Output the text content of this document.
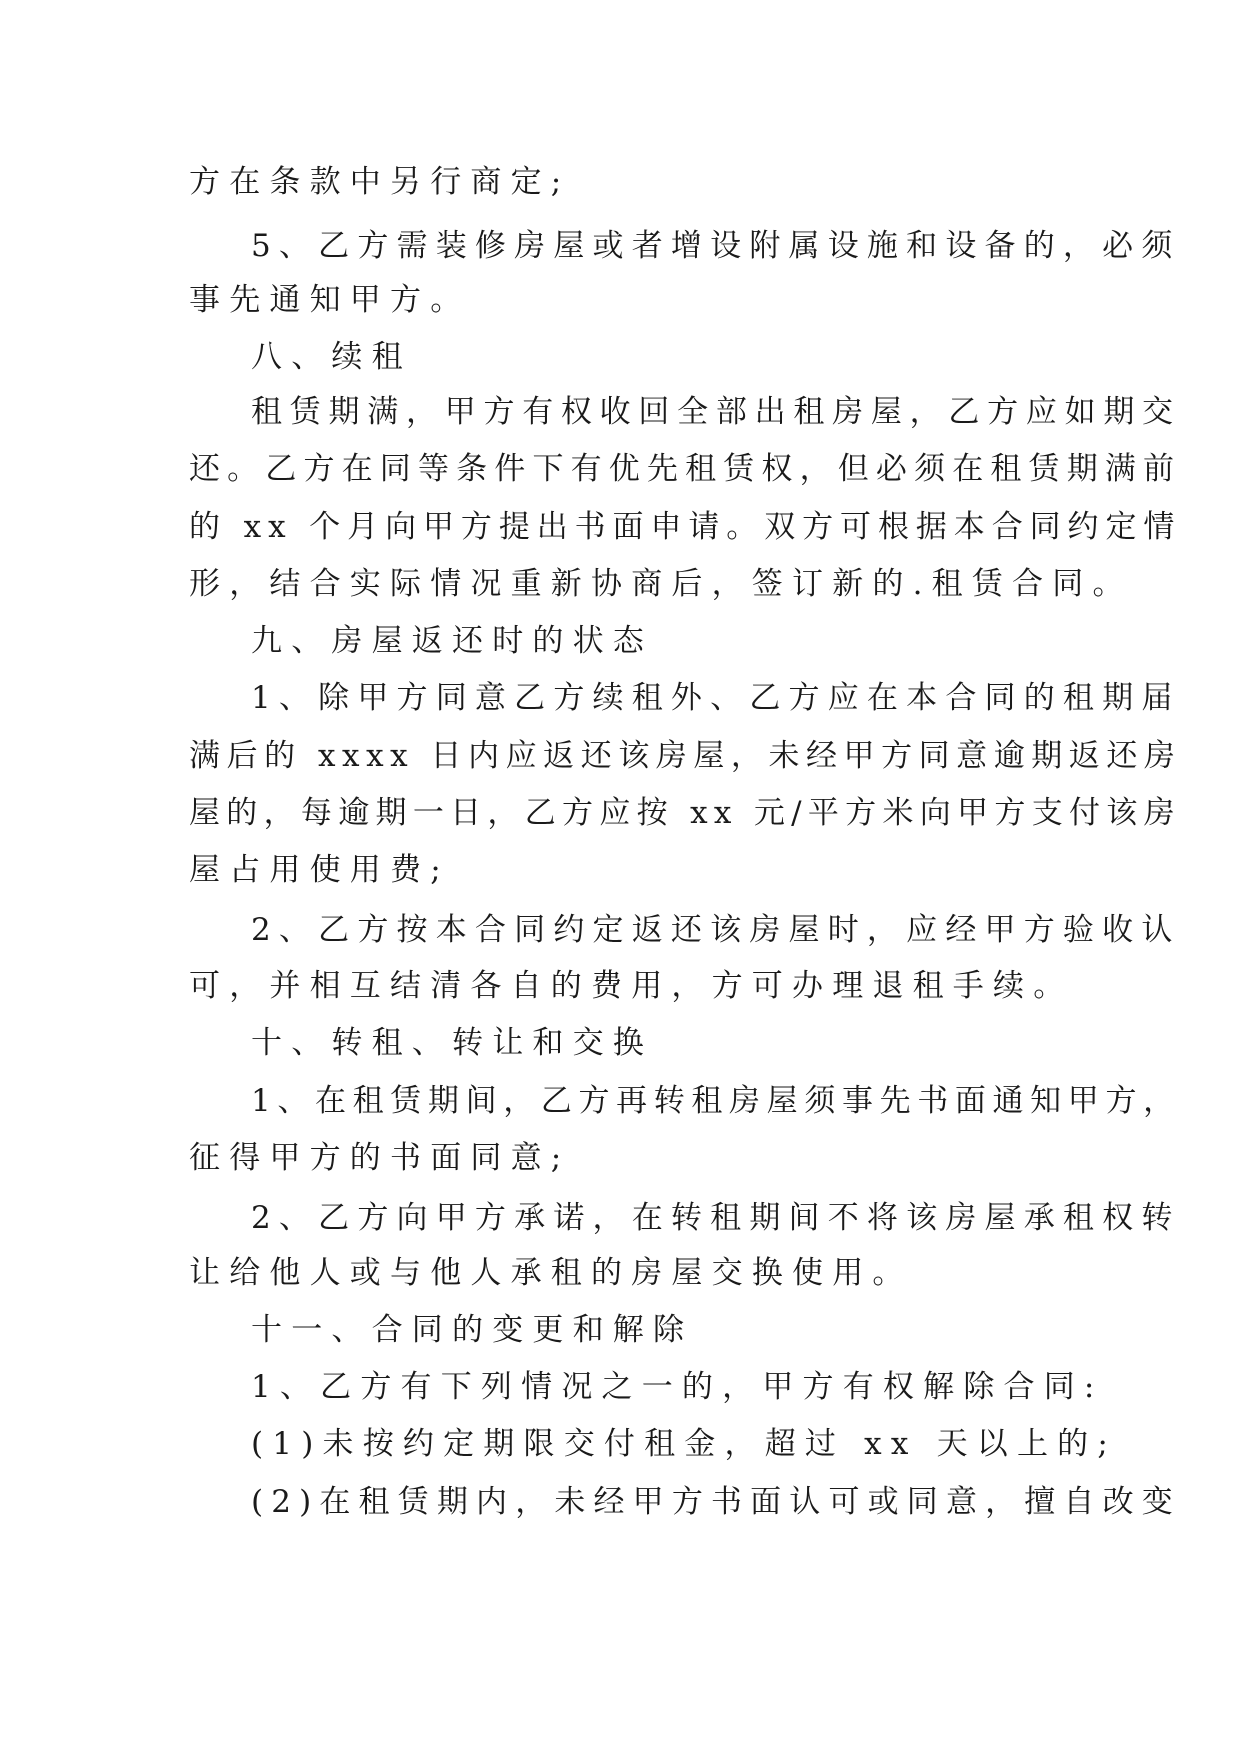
方在条款中另行商定;
5、乙方需装修房屋或者增设附属设施和设备的，必须
事先通知甲方。
八、续租
租赁期满，甲方有权收回全部出租房屋，乙方应如期交
还。乙方在同等条件下有优先租赁权，但必须在租赁期满前
的 xx 个月向甲方提出书面申请。双方可根据本合同约定情
形，结合实际情况重新协商后，签订新的.租赁合同。
九、房屋返还时的状态
1、除甲方同意乙方续租外、乙方应在本合同的租期届
满后的 xxxx 日内应返还该房屋，未经甲方同意逾期返还房
屋的，每逾期一日，乙方应按 xx 元/平方米向甲方支付该房
屋占用使用费;
2、乙方按本合同约定返还该房屋时，应经甲方验收认
可，并相互结清各自的费用，方可办理退租手续。
十、转租、转让和交换
1、在租赁期间，乙方再转租房屋须事先书面通知甲方，
征得甲方的书面同意;
2、乙方向甲方承诺，在转租期间不将该房屋承租权转
让给他人或与他人承租的房屋交换使用。
十一、合同的变更和解除
1、乙方有下列情况之一的，甲方有权解除合同:
(1)未按约定期限交付租金，超过 xx 天以上的;
(2)在租赁期内，未经甲方书面认可或同意，擅自改变
